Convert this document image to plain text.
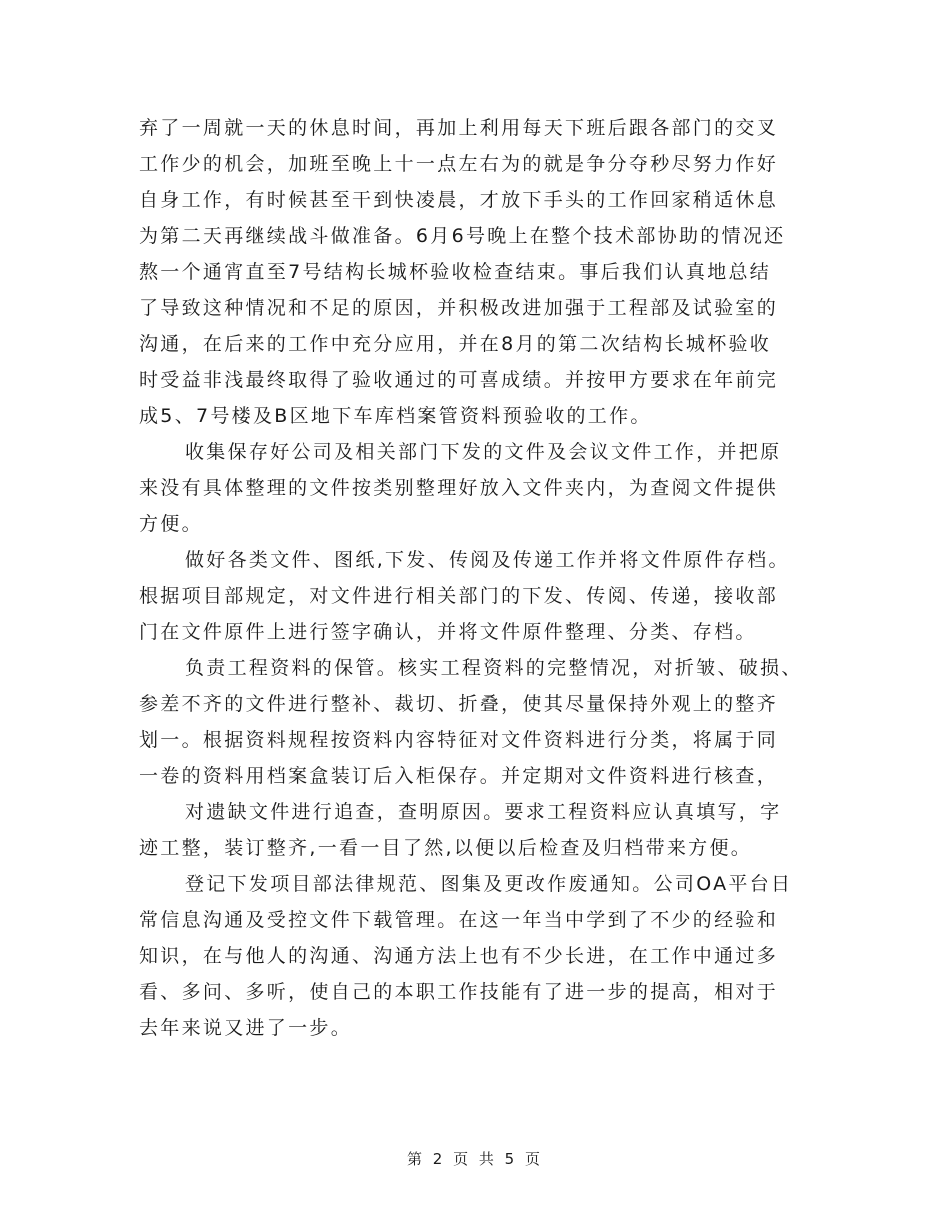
弃了一周就一天的休息时间，再加上利用每天下班后跟各部门的交叉
工作少的机会，加班至晚上十一点左右为的就是争分夺秒尽努力作好
自身工作，有时候甚至干到快凌晨，才放下手头的工作回家稍适休息
为第二天再继续战斗做准备。6月6号晚上在整个技术部协助的情况还
熬一个通宵直至7号结构长城杯验收检查结束。事后我们认真地总结
了导致这种情况和不足的原因，并积极改进加强于工程部及试验室的
沟通，在后来的工作中充分应用，并在8月的第二次结构长城杯验收
时受益非浅最终取得了验收通过的可喜成绩。并按甲方要求在年前完
成5、7号楼及B区地下车库档案管资料预验收的工作。
收集保存好公司及相关部门下发的文件及会议文件工作，并把原
来没有具体整理的文件按类别整理好放入文件夹内，为查阅文件提供
方便。
做好各类文件、图纸,下发、传阅及传递工作并将文件原件存档。
根据项目部规定，对文件进行相关部门的下发、传阅、传递，接收部
门在文件原件上进行签字确认，并将文件原件整理、分类、存档。
负责工程资料的保管。核实工程资料的完整情况，对折皱、破损、
参差不齐的文件进行整补、裁切、折叠，使其尽量保持外观上的整齐
划一。根据资料规程按资料内容特征对文件资料进行分类，将属于同
一卷的资料用档案盒装订后入柜保存。并定期对文件资料进行核查，
对遗缺文件进行追查，查明原因。要求工程资料应认真填写，字
迹工整，装订整齐,一看一目了然,以便以后检查及归档带来方便。
登记下发项目部法律规范、图集及更改作废通知。公司OA平台日
常信息沟通及受控文件下载管理。在这一年当中学到了不少的经验和
知识，在与他人的沟通、沟通方法上也有不少长进，在工作中通过多
看、多问、多听，使自己的本职工作技能有了进一步的提高，相对于
去年来说又进了一步。
第 2 页 共 5 页
